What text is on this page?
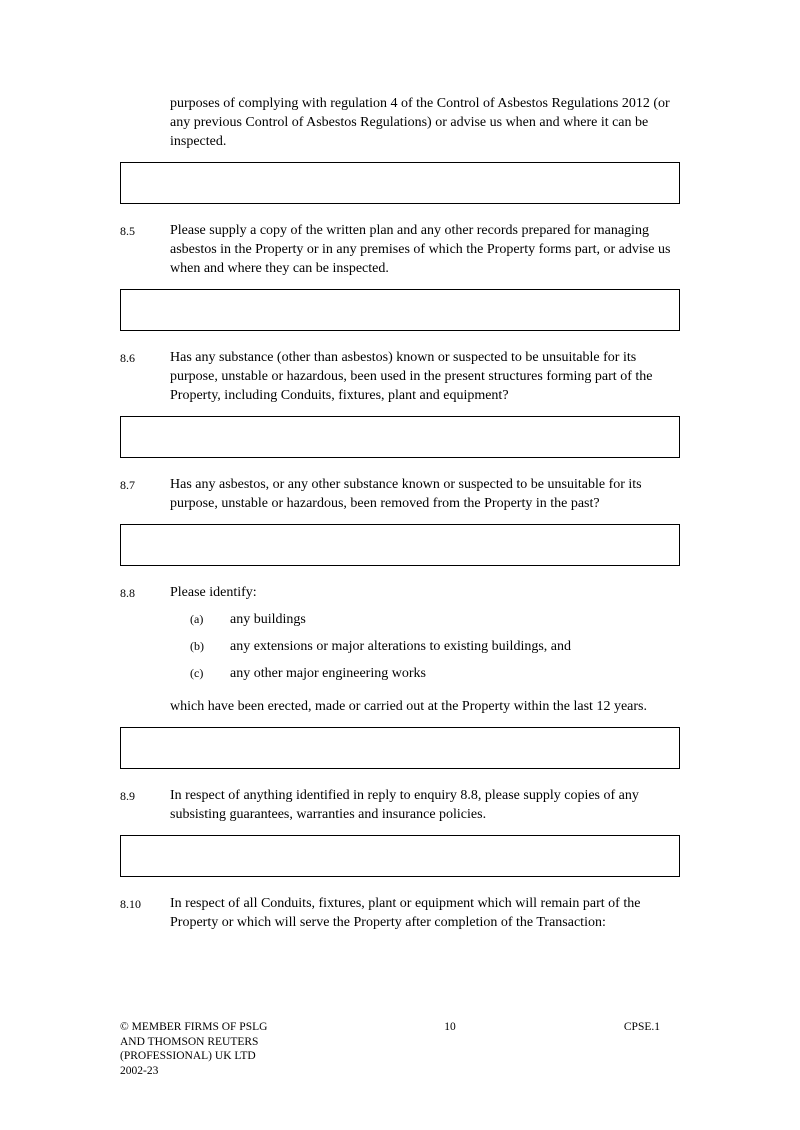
purposes of complying with regulation 4 of the Control of Asbestos Regulations 2012 (or any previous Control of Asbestos Regulations) or advise us when and where it can be inspected.

8.5	Please supply a copy of the written plan and any other records prepared for managing asbestos in the Property or in any premises of which the Property forms part, or advise us when and where they can be inspected.

8.6	Has any substance (other than asbestos) known or suspected to be unsuitable for its purpose, unstable or hazardous, been used in the present structures forming part of the Property, including Conduits, fixtures, plant and equipment?

8.7	Has any asbestos, or any other substance known or suspected to be unsuitable for its purpose, unstable or hazardous, been removed from the Property in the past?

8.8	Please identify:

(a) any buildings
(b) any extensions or major alterations to existing buildings, and
(c) any other major engineering works

which have been erected, made or carried out at the Property within the last 12 years.

8.9	In respect of anything identified in reply to enquiry 8.8, please supply copies of any subsisting guarantees, warranties and insurance policies.

8.10	In respect of all Conduits, fixtures, plant or equipment which will remain part of the Property or which will serve the Property after completion of the Transaction:

© MEMBER FIRMS OF PSLG
AND THOMSON REUTERS
(PROFESSIONAL) UK LTD
2002-23
10	CPSE.1
